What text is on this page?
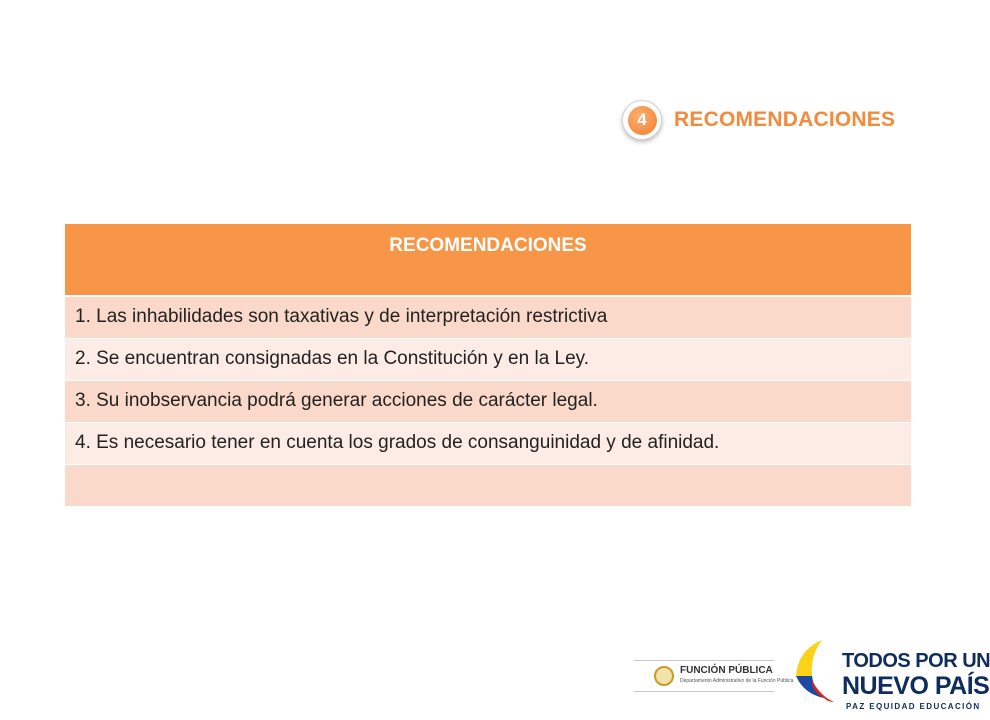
4	RECOMENDACIONES
RECOMENDACIONES
1. Las inhabilidades son taxativas y de interpretación restrictiva
2. Se encuentran consignadas en la Constitución y en la Ley.
3. Su inobservancia podrá generar acciones de carácter legal.
4. Es necesario tener en cuenta los grados de consanguinidad y de afinidad.

FUNCIÓN PÚBLICA
Departamento Administrativo de la Función Pública
TODOS POR UN
NUEVO PAÍS
PAZ EQUIDAD EDUCACIÓN
